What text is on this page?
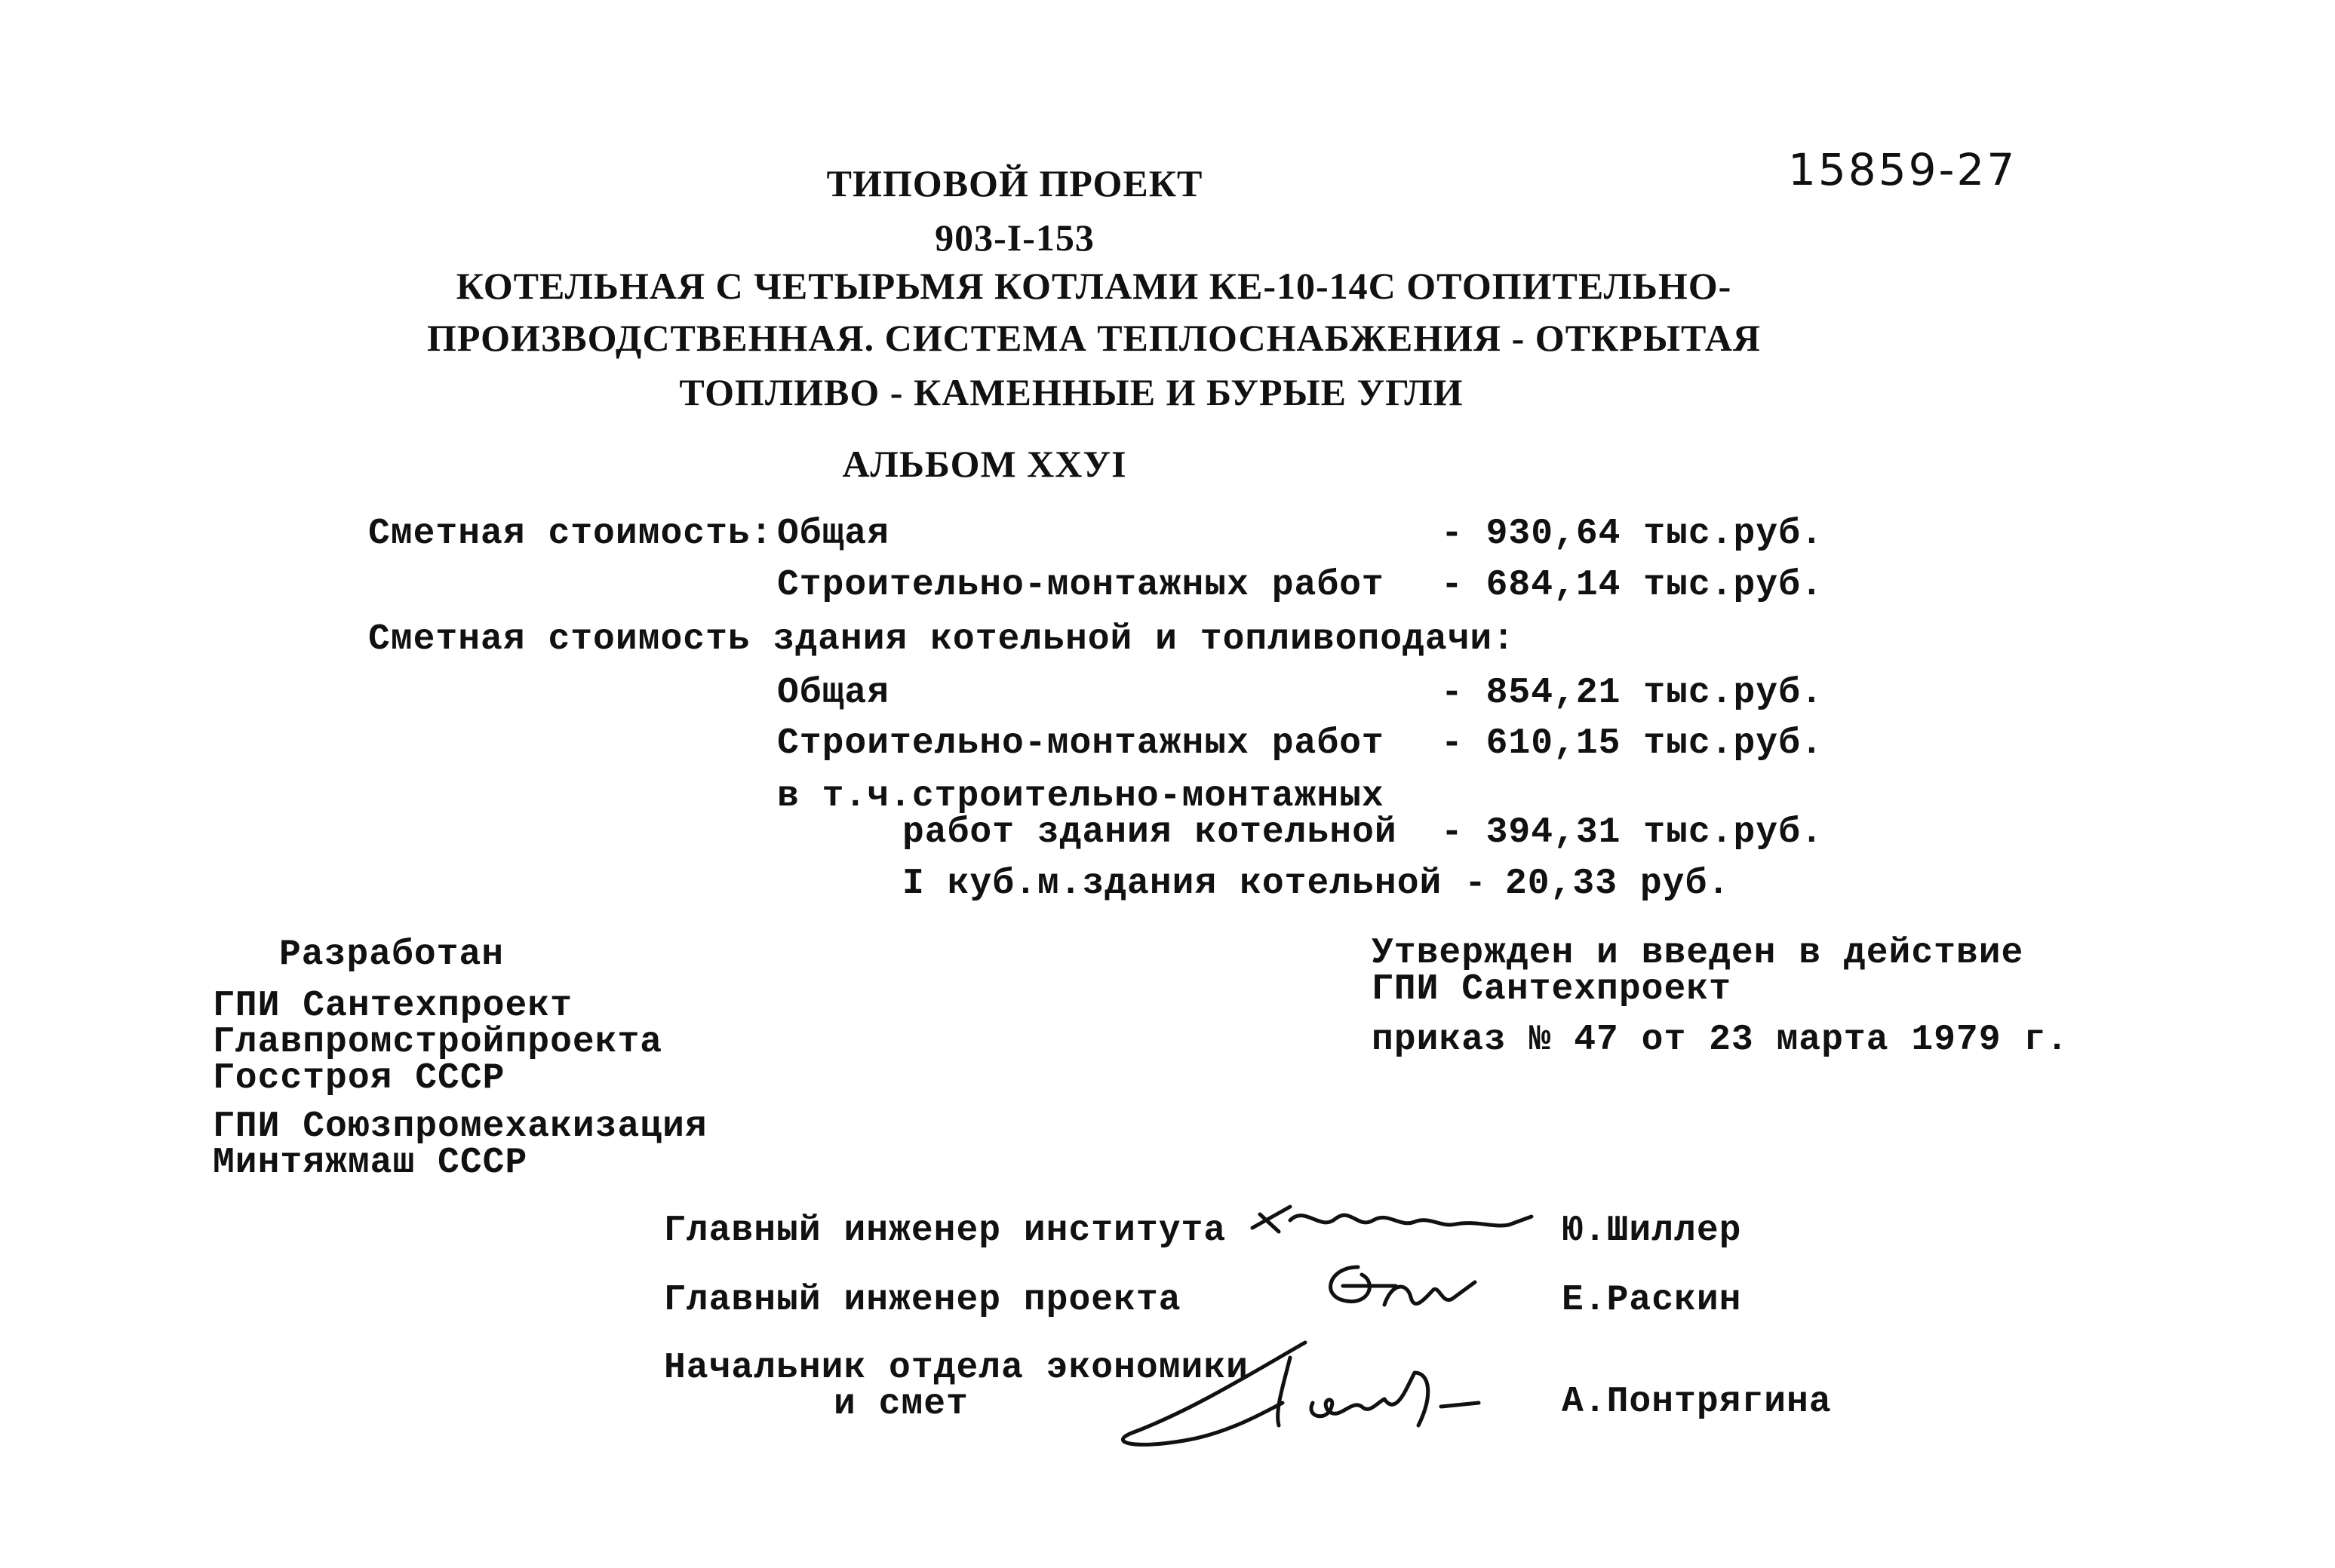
15859-27
ТИПОВОЙ ПРОЕКТ
903-I-153
КОТЕЛЬНАЯ С ЧЕТЫРЬМЯ КОТЛАМИ КЕ-10-14С ОТОПИТЕЛЬНО-
ПРОИЗВОДСТВЕННАЯ. СИСТЕМА ТЕПЛОСНАБЖЕНИЯ - ОТКРЫТАЯ
ТОПЛИВО - КАМЕННЫЕ И БУРЫЕ УГЛИ
АЛЬБОМ XXУI
Сметная стоимость: Общая	- 930,64 тыс.руб.
Строительно-монтажных работ - 684,14 тыс.руб.
Сметная стоимость здания котельной и топливоподачи:
Общая	- 854,21 тыс.руб.
Строительно-монтажных работ - 610,15 тыс.руб.
в т.ч.строительно-монтажных
работ здания котельной - 394,31 тыс.руб.
I куб.м.здания котельной - 20,33 руб.
Разработан
ГПИ Сантехпроект
Главпромстройпроекта
Госстроя СССР
ГПИ Союзпромехакизация
Минтяжмаш СССР
Утвержден и введен в действие
ГПИ Сантехпроект
приказ № 47 от 23 марта 1979 г.
Главный инженер института	Ю.Шиллер
Главный инженер проекта	Е.Раскин
Начальник отдела экономики
и смет	А.Понтрягина
